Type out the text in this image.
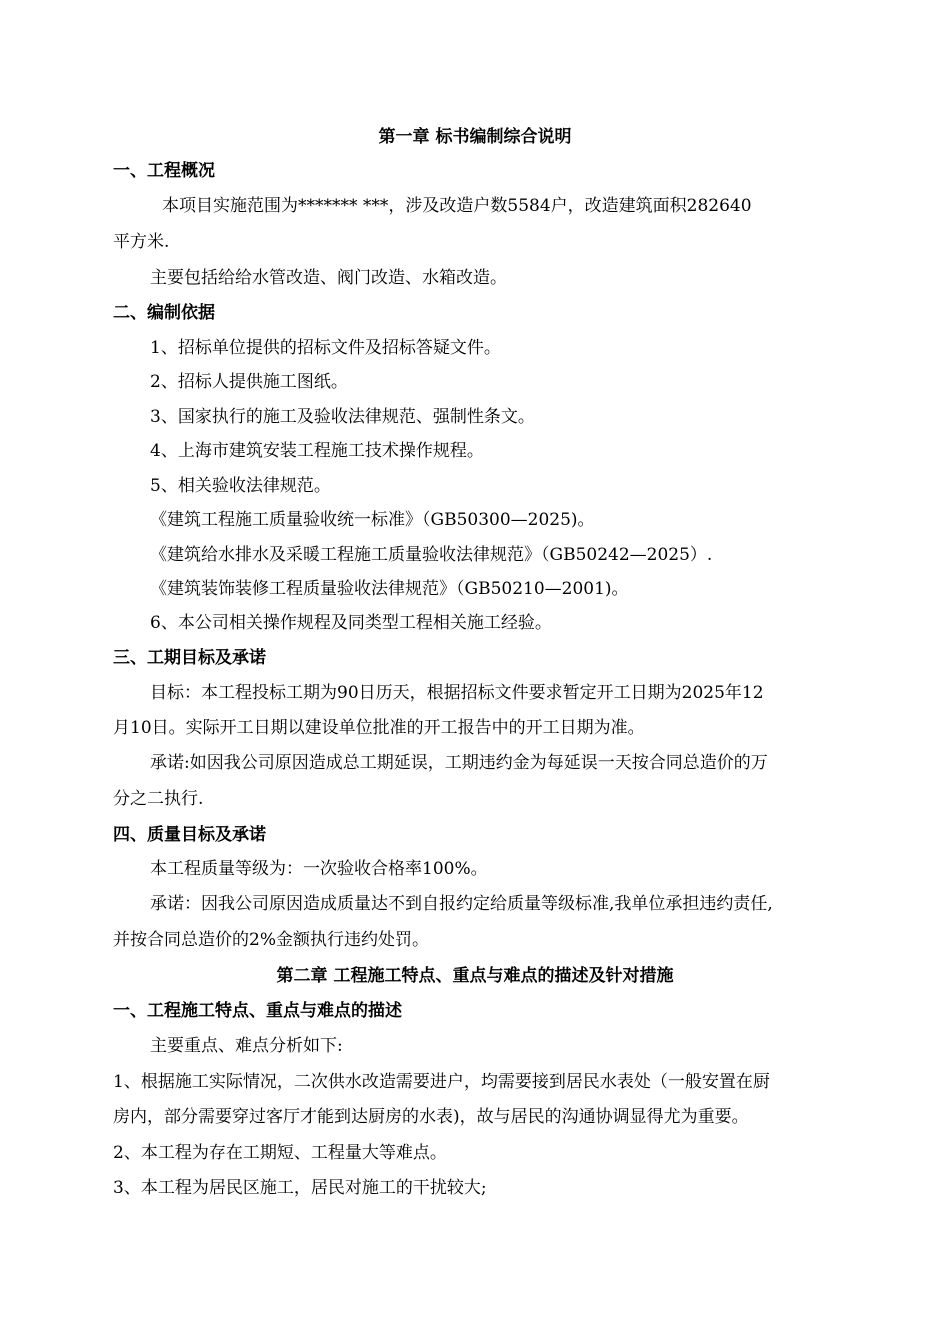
第一章 标书编制综合说明
一、工程概况
本项目实施范围为******* ***，涉及改造户数5584户，改造建筑面积282640
平方米.
主要包括给给水管改造、阀门改造、水箱改造。
二、编制依据
1、招标单位提供的招标文件及招标答疑文件。
2、招标人提供施工图纸。
3、国家执行的施工及验收法律规范、强制性条文。
4、上海市建筑安装工程施工技术操作规程。
5、相关验收法律规范。
《建筑工程施工质量验收统一标准》（GB50300—2025)。
《建筑给水排水及采暖工程施工质量验收法律规范》（GB50242—2025）.
《建筑装饰装修工程质量验收法律规范》（GB50210—2001)。
6、本公司相关操作规程及同类型工程相关施工经验。
三、工期目标及承诺
目标：本工程投标工期为90日历天，根据招标文件要求暂定开工日期为2025年12
月10日。实际开工日期以建设单位批准的开工报告中的开工日期为准。
承诺:如因我公司原因造成总工期延误，工期违约金为每延误一天按合同总造价的万
分之二执行.
四、质量目标及承诺
本工程质量等级为：一次验收合格率100%。
承诺：因我公司原因造成质量达不到自报约定给质量等级标准,我单位承担违约责任,
并按合同总造价的2%金额执行违约处罚。
第二章 工程施工特点、重点与难点的描述及针对措施
一、工程施工特点、重点与难点的描述
主要重点、难点分析如下:
1、根据施工实际情况，二次供水改造需要进户，均需要接到居民水表处（一般安置在厨
房内，部分需要穿过客厅才能到达厨房的水表)，故与居民的沟通协调显得尤为重要。
2、本工程为存在工期短、工程量大等难点。
3、本工程为居民区施工，居民对施工的干扰较大;
